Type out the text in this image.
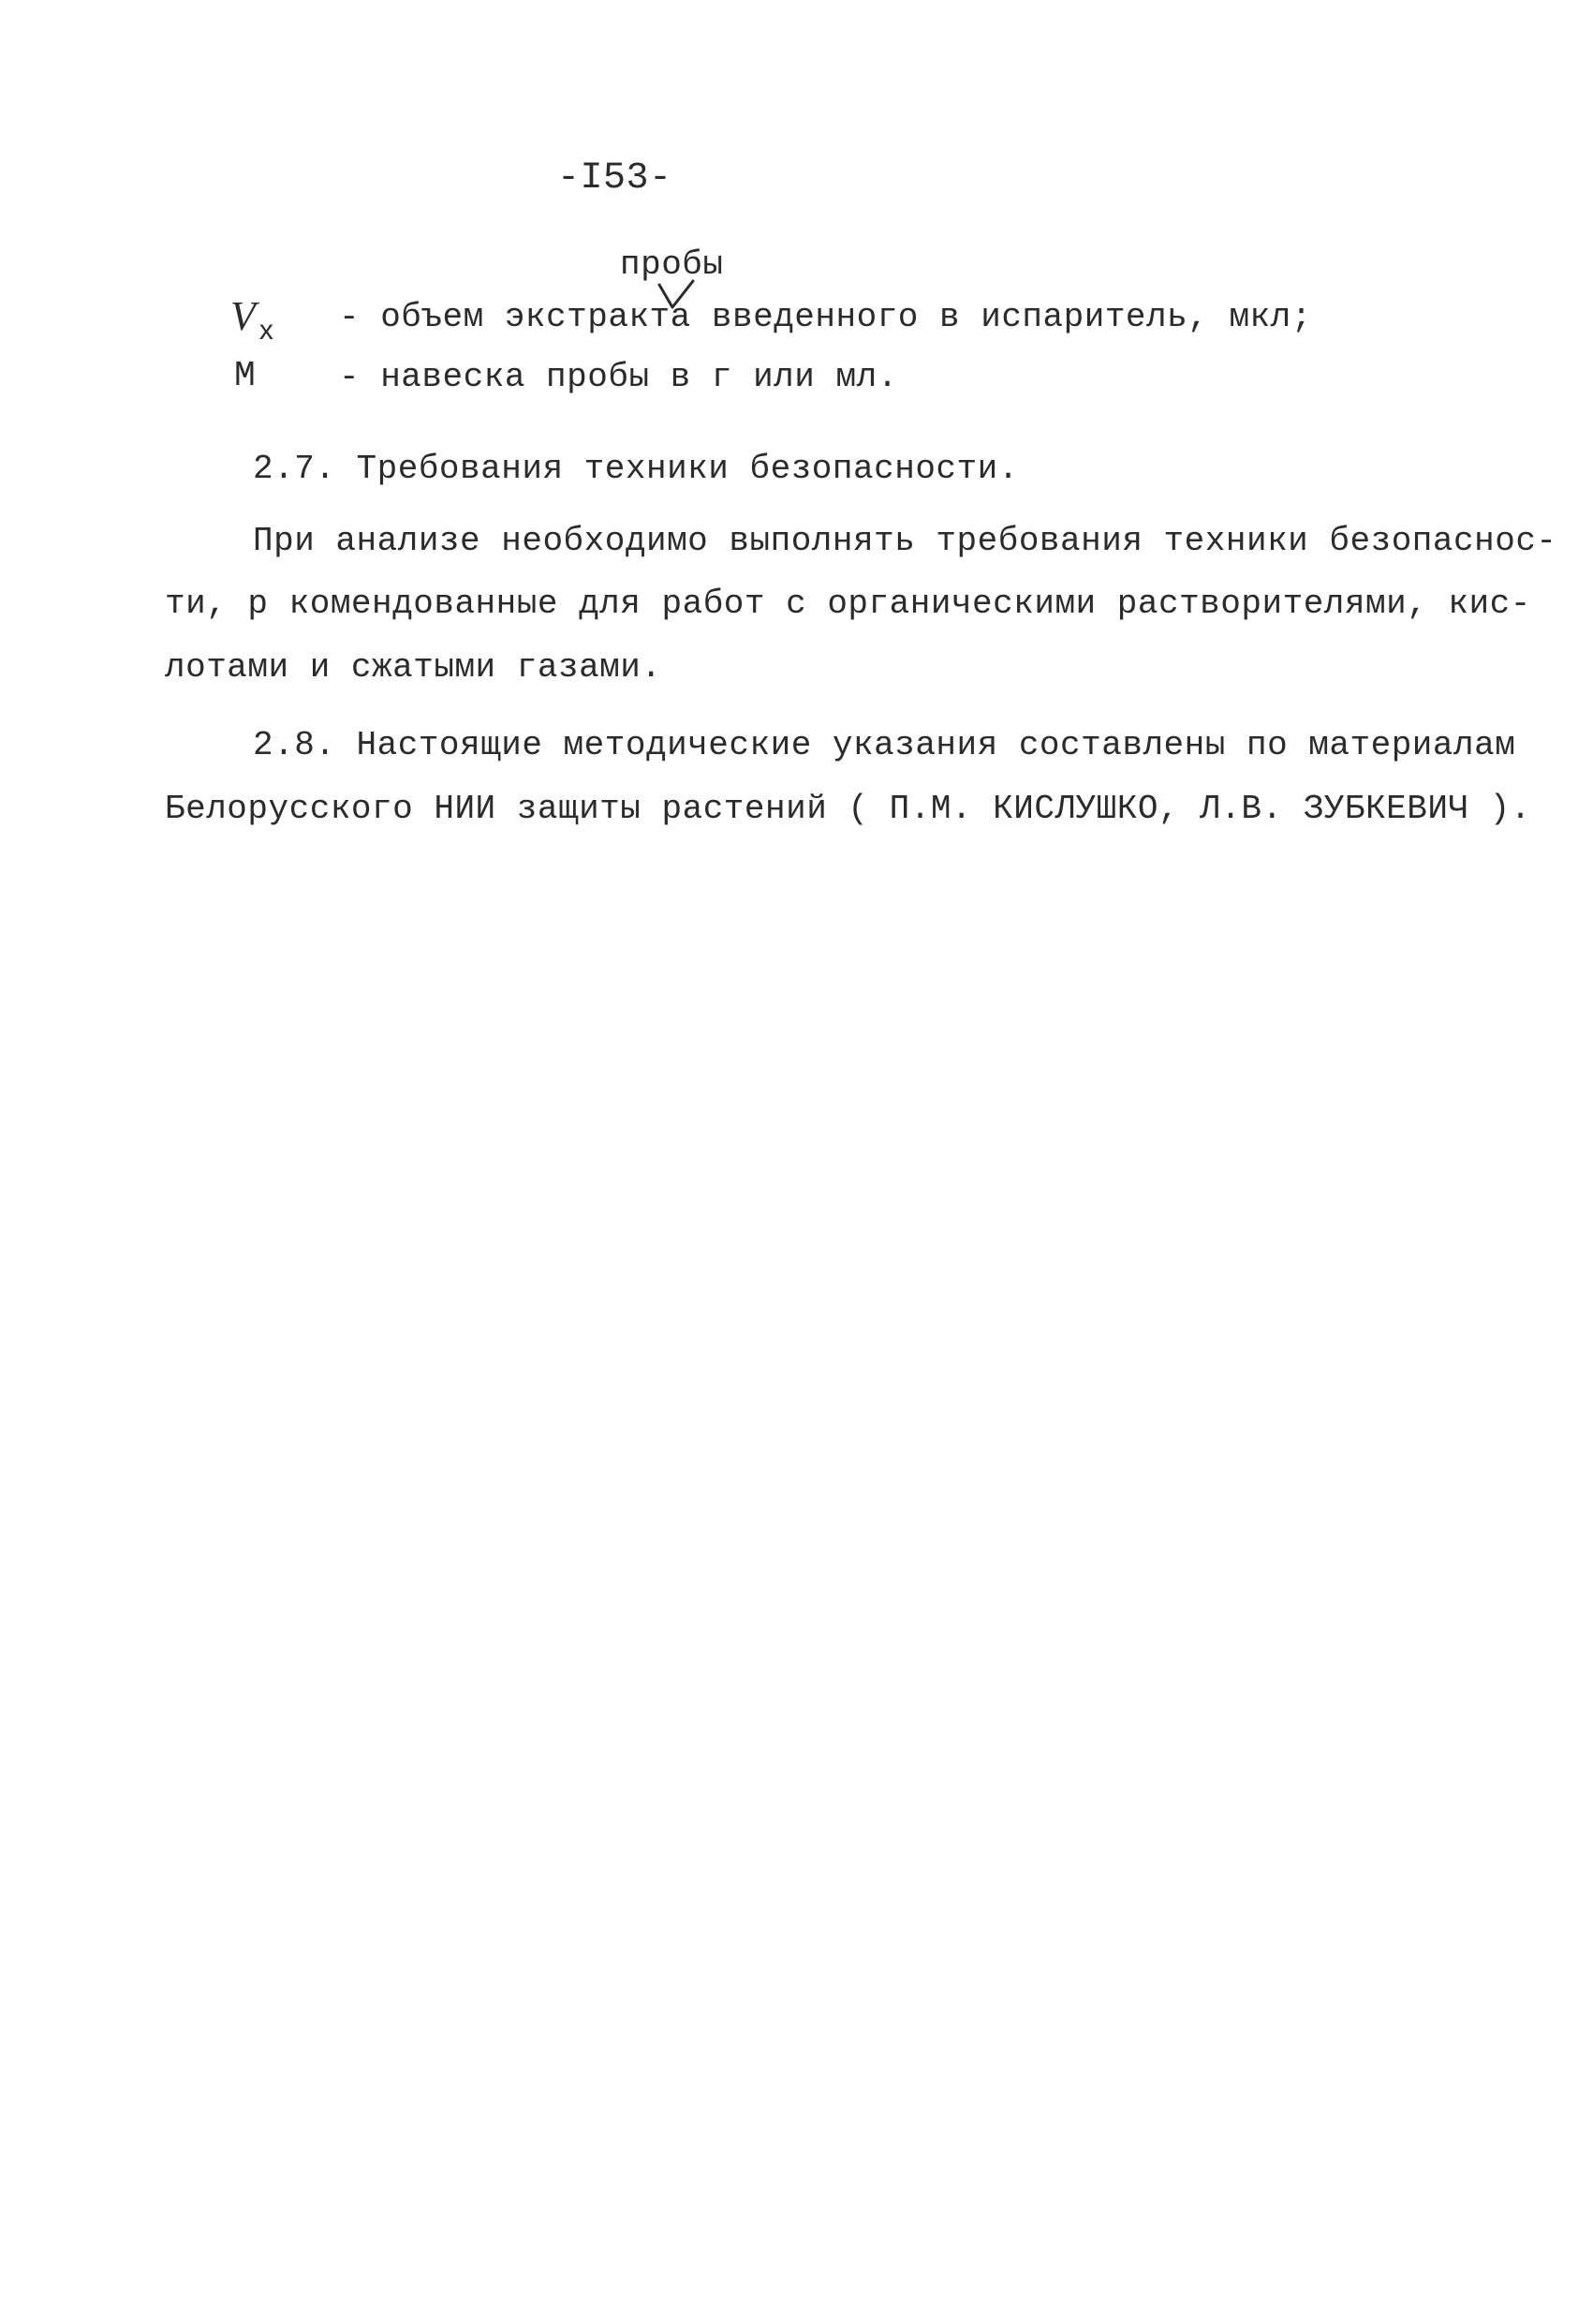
-I53-
пробы
V $_x$ - объем экстракта введенного в испаритель, мкл;
М - навеска пробы в г или мл.
2.7. Требования техники безопасности.
При анализе необходимо выполнять требования техники безопаснос-
ти, р комендованные для работ с органическими растворителями, кис-
лотами и сжатыми газами.
2.8. Настоящие методические указания составлены по материалам
Белорусского НИИ защиты растений ( П.М. КИСЛУШКО, Л.В. ЗУБКЕВИЧ ).
